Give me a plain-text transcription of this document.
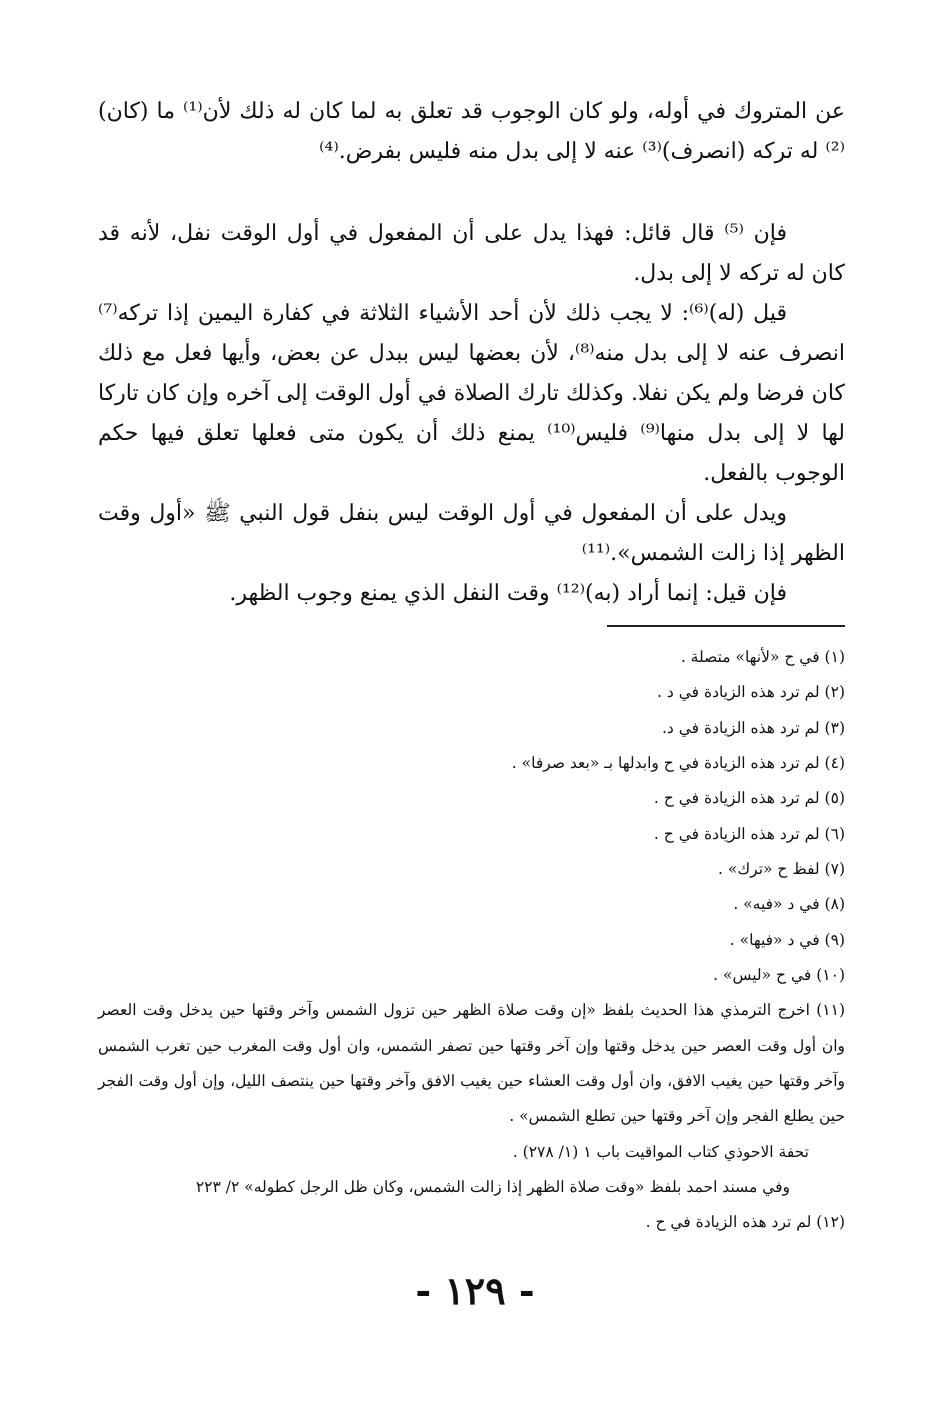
عن المتروك في أوله، ولو كان الوجوب قد تعلق به لما كان له ذلك لأن⁽¹⁾ ما (كان)⁽²⁾ له تركه (انصرف)⁽³⁾ عنه لا إلى بدل منه فليس بفرض.⁽⁴⁾

فإن ⁽⁵⁾ قال قائل: فهذا يدل على أن المفعول في أول الوقت نفل، لأنه قد كان له تركه لا إلى بدل.

قيل (له)⁽⁶⁾: لا يجب ذلك لأن أحد الأشياء الثلاثة في كفارة اليمين إذا تركه⁽⁷⁾ انصرف عنه لا إلى بدل منه⁽⁸⁾، لأن بعضها ليس ببدل عن بعض، وأيها فعل مع ذلك كان فرضا ولم يكن نفلا. وكذلك تارك الصلاة في أول الوقت إلى آخره وإن كان تاركا لها لا إلى بدل منها⁽⁹⁾ فليس⁽¹⁰⁾ يمنع ذلك أن يكون متى فعلها تعلق فيها حكم الوجوب بالفعل.

ويدل على أن المفعول في أول الوقت ليس بنفل قول النبي ﷺ «أول وقت الظهر إذا زالت الشمس».⁽¹¹⁾

فإن قيل: إنما أراد (به)⁽¹²⁾ وقت النفل الذي يمنع وجوب الظهر.

(١) في ح «لأنها» متصلة .
(٢) لم ترد هذه الزيادة في د .
(٣) لم ترد هذه الزيادة في د.
(٤) لم ترد هذه الزيادة في ح وابدلها بـ «بعد صرفا» .
(٥) لم ترد هذه الزيادة في ح .
(٦) لم ترد هذه الزيادة في ح .
(٧) لفظ ح «ترك» .
(٨) في د «فيه» .
(٩) في د «فيها» .
(١٠) في ح «ليس» .
(١١) اخرج الترمذي هذا الحديث بلفظ «إن وقت صلاة الظهر حين تزول الشمس وآخر وقتها حين يدخل وقت العصر وان أول وقت العصر حين يدخل وقتها وإن آخر وقتها حين تصفر الشمس، وان أول وقت المغرب حين تغرب الشمس وآخر وقتها حين يغيب الافق، وان أول وقت العشاء حين يغيب الافق وآخر وقتها حين ينتصف الليل، وإن أول وقت الفجر حين يطلع الفجر وإن آخر وقتها حين تطلع الشمس» .
تحفة الاحوذي كتاب المواقيت باب ١ (١/ ٢٧٨) .
وفي مسند احمد بلفظ «وقت صلاة الظهر إذا زالت الشمس، وكان ظل الرجل كطوله» ٢/ ٢٢٣
(١٢) لم ترد هذه الزيادة في ح .
- ١٢٩ -
